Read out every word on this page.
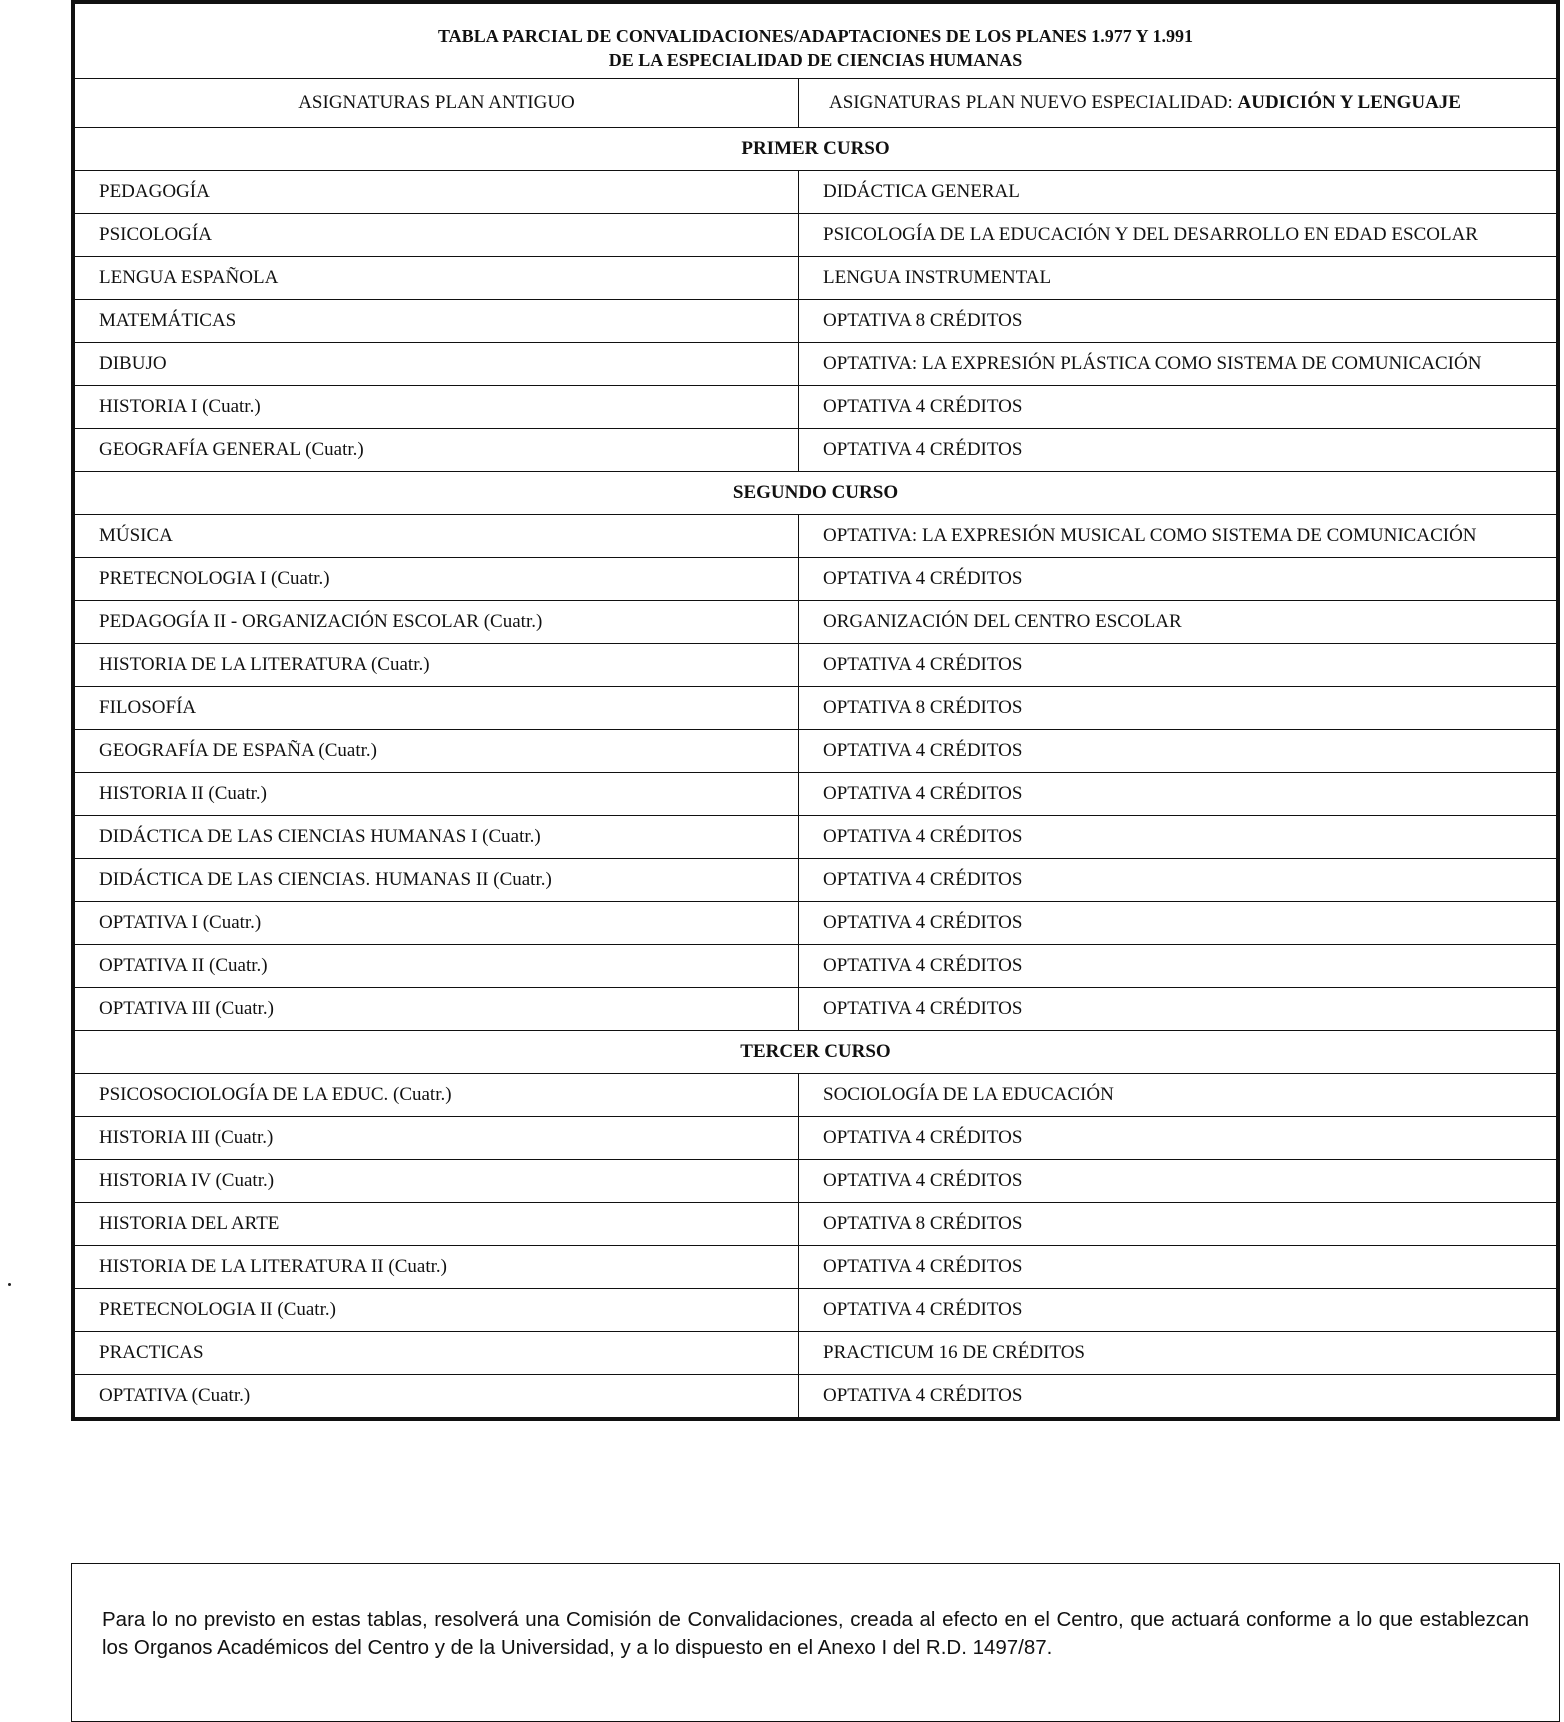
TABLA PARCIAL DE CONVALIDACIONES/ADAPTACIONES DE LOS PLANES 1.977 Y 1.991
DE LA ESPECIALIDAD DE CIENCIAS HUMANAS	

ASIGNATURAS PLAN ANTIGUO	ASIGNATURAS PLAN NUEVO ESPECIALIDAD: AUDICIÓN Y LENGUAJE
PRIMER CURSO	
PEDAGOGÍA	DIDÁCTICA GENERAL
PSICOLOGÍA	PSICOLOGÍA DE LA EDUCACIÓN Y DEL DESARROLLO EN EDAD ESCOLAR
LENGUA ESPAÑOLA	LENGUA INSTRUMENTAL
MATEMÁTICAS	OPTATIVA 8 CRÉDITOS
DIBUJO	OPTATIVA: LA EXPRESIÓN PLÁSTICA COMO SISTEMA DE COMUNICACIÓN
HISTORIA I (Cuatr.)	OPTATIVA 4 CRÉDITOS
GEOGRAFÍA GENERAL (Cuatr.)	OPTATIVA 4 CRÉDITOS
SEGUNDO CURSO	
MÚSICA	OPTATIVA: LA EXPRESIÓN MUSICAL COMO SISTEMA DE COMUNICACIÓN
PRETECNOLOGIA I (Cuatr.)	OPTATIVA 4 CRÉDITOS
PEDAGOGÍA II - ORGANIZACIÓN ESCOLAR (Cuatr.)	ORGANIZACIÓN DEL CENTRO ESCOLAR
HISTORIA DE LA LITERATURA (Cuatr.)	OPTATIVA 4 CRÉDITOS
FILOSOFÍA	OPTATIVA 8 CRÉDITOS
GEOGRAFÍA DE ESPAÑA (Cuatr.)	OPTATIVA 4 CRÉDITOS
HISTORIA II (Cuatr.)	OPTATIVA 4 CRÉDITOS
DIDÁCTICA DE LAS CIENCIAS HUMANAS I (Cuatr.)	OPTATIVA 4 CRÉDITOS
DIDÁCTICA DE LAS CIENCIAS. HUMANAS II (Cuatr.)	OPTATIVA 4 CRÉDITOS
OPTATIVA I (Cuatr.)	OPTATIVA 4 CRÉDITOS
OPTATIVA II (Cuatr.)	OPTATIVA 4 CRÉDITOS
OPTATIVA III (Cuatr.)	OPTATIVA 4 CRÉDITOS
TERCER CURSO	
PSICOSOCIOLOGÍA DE LA EDUC. (Cuatr.)	SOCIOLOGÍA DE LA EDUCACIÓN
HISTORIA III (Cuatr.)	OPTATIVA 4 CRÉDITOS
HISTORIA IV (Cuatr.)	OPTATIVA 4 CRÉDITOS
HISTORIA DEL ARTE	OPTATIVA 8 CRÉDITOS
HISTORIA DE LA LITERATURA II (Cuatr.)	OPTATIVA 4 CRÉDITOS
PRETECNOLOGIA II (Cuatr.)	OPTATIVA 4 CRÉDITOS
PRACTICAS	PRACTICUM 16 DE CRÉDITOS
OPTATIVA (Cuatr.)	OPTATIVA 4 CRÉDITOS
Para lo no previsto en estas tablas, resolverá una Comisión de Convalidaciones, creada al efecto en el Centro, que actuará conforme a lo que establezcan los Organos Académicos del Centro y de la Universidad, y a lo dispuesto en el Anexo I del R.D. 1497/87.
